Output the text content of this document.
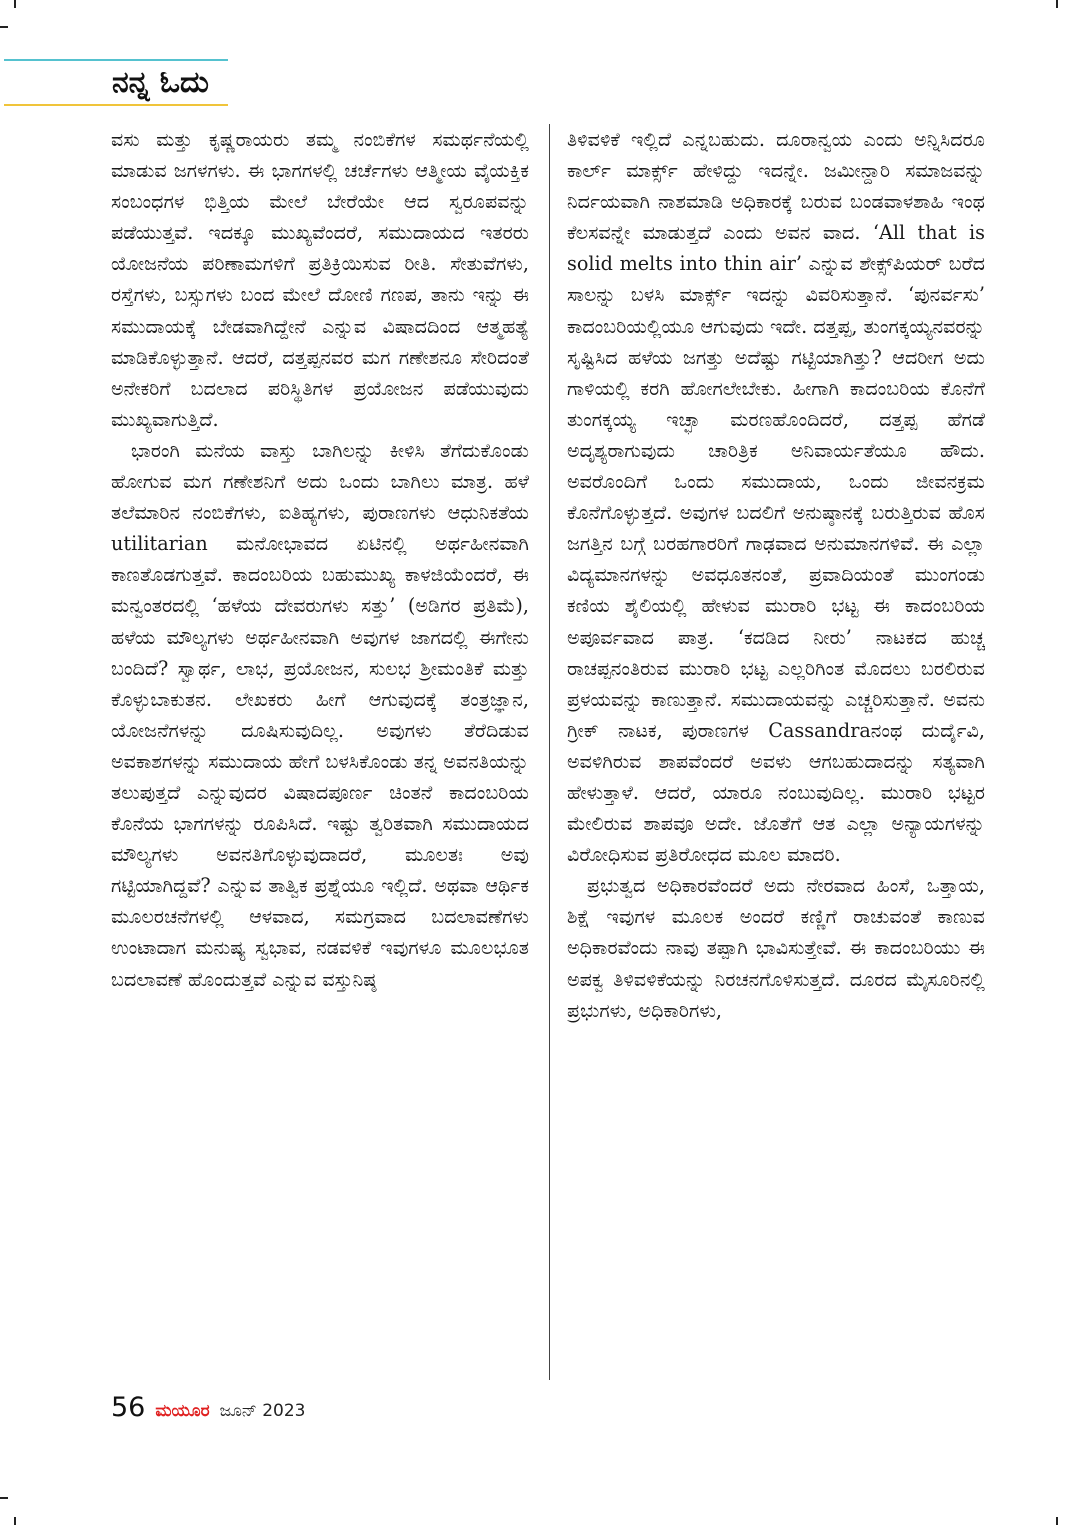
ನನ್ನ ಓದು

ವಸು ಮತ್ತು ಕೃಷ್ಣರಾಯರು ತಮ್ಮ ನಂಬಿಕೆಗಳ ಸಮರ್ಥನೆಯಲ್ಲಿ ಮಾಡುವ ಜಗಳಗಳು. ಈ ಭಾಗಗಳಲ್ಲಿ ಚರ್ಚೆಗಳು ಆತ್ಮೀಯ ವೈಯಕ್ತಿಕ ಸಂಬಂಧಗಳ ಭಿತ್ತಿಯ ಮೇಲೆ ಬೇರೆಯೇ ಆದ ಸ್ವರೂಪವನ್ನು ಪಡೆಯುತ್ತವೆ. ಇದಕ್ಕೂ ಮುಖ್ಯವೆಂದರೆ, ಸಮುದಾಯದ ಇತರರು ಯೋಜನೆಯ ಪರಿಣಾಮಗಳಿಗೆ ಪ್ರತಿಕ್ರಿಯಿಸುವ ರೀತಿ. ಸೇತುವೆಗಳು, ರಸ್ತೆಗಳು, ಬಸ್ಸುಗಳು ಬಂದ ಮೇಲೆ ದೋಣಿ ಗಣಪ, ತಾನು ಇನ್ನು ಈ ಸಮುದಾಯಕ್ಕೆ ಬೇಡವಾಗಿದ್ದೇನೆ ಎನ್ನುವ ವಿಷಾದದಿಂದ ಆತ್ಮಹತ್ಯೆ ಮಾಡಿಕೊಳ್ಳುತ್ತಾನೆ. ಆದರೆ, ದತ್ತಪ್ಪನವರ ಮಗ ಗಣೇಶನೂ ಸೇರಿದಂತೆ ಅನೇಕರಿಗೆ ಬದಲಾದ ಪರಿಸ್ಥಿತಿಗಳ ಪ್ರಯೋಜನ ಪಡೆಯುವುದು ಮುಖ್ಯವಾಗುತ್ತಿದೆ.

ಭಾರಂಗಿ ಮನೆಯ ವಾಸ್ತು ಬಾಗಿಲನ್ನು ಕೀಳಿಸಿ ತೆಗೆದುಕೊಂಡು ಹೋಗುವ ಮಗ ಗಣೇಶನಿಗೆ ಅದು ಒಂದು ಬಾಗಿಲು ಮಾತ್ರ. ಹಳೆ ತಲೆಮಾರಿನ ನಂಬಿಕೆಗಳು, ಐತಿಹ್ಯಗಳು, ಪುರಾಣಗಳು ಆಧುನಿಕತೆಯ utilitarian ಮನೋಭಾವದ ಏಟಿನಲ್ಲಿ ಅರ್ಥಹೀನವಾಗಿ ಕಾಣತೊಡಗುತ್ತವೆ. ಕಾದಂಬರಿಯ ಬಹುಮುಖ್ಯ ಕಾಳಜಿಯೆಂದರೆ, ಈ ಮನ್ವಂತರದಲ್ಲಿ ‘ಹಳೆಯ ದೇವರುಗಳು ಸತ್ತು’ (ಅಡಿಗರ ಪ್ರತಿಮೆ), ಹಳೆಯ ಮೌಲ್ಯಗಳು ಅರ್ಥಹೀನವಾಗಿ ಅವುಗಳ ಜಾಗದಲ್ಲಿ ಈಗೇನು ಬಂದಿದೆ? ಸ್ವಾರ್ಥ, ಲಾಭ, ಪ್ರಯೋಜನ, ಸುಲಭ ಶ್ರೀಮಂತಿಕೆ ಮತ್ತು ಕೊಳ್ಳುಬಾಕುತನ. ಲೇಖಕರು ಹೀಗೆ ಆಗುವುದಕ್ಕೆ ತಂತ್ರಜ್ಞಾನ, ಯೋಜನೆಗಳನ್ನು ದೂಷಿಸುವುದಿಲ್ಲ. ಅವುಗಳು ತೆರೆದಿಡುವ ಅವಕಾಶಗಳನ್ನು ಸಮುದಾಯ ಹೇಗೆ ಬಳಸಿಕೊಂಡು ತನ್ನ ಅವನತಿಯನ್ನು ತಲುಪುತ್ತದೆ ಎನ್ನುವುದರ ವಿಷಾದಪೂರ್ಣ ಚಿಂತನೆ ಕಾದಂಬರಿಯ ಕೊನೆಯ ಭಾಗಗಳನ್ನು ರೂಪಿಸಿದೆ. ಇಷ್ಟು ತ್ವರಿತವಾಗಿ ಸಮುದಾಯದ ಮೌಲ್ಯಗಳು ಅವನತಿಗೊಳ್ಳುವುದಾದರೆ, ಮೂಲತಃ ಅವು ಗಟ್ಟಿಯಾಗಿದ್ದವೆ? ಎನ್ನುವ ತಾತ್ವಿಕ ಪ್ರಶ್ನೆಯೂ ಇಲ್ಲಿದೆ. ಅಥವಾ ಆರ್ಥಿಕ ಮೂಲರಚನೆಗಳಲ್ಲಿ ಆಳವಾದ, ಸಮಗ್ರವಾದ ಬದಲಾವಣೆಗಳು ಉಂಟಾದಾಗ ಮನುಷ್ಯ ಸ್ವಭಾವ, ನಡವಳಿಕೆ ಇವುಗಳೂ ಮೂಲಭೂತ ಬದಲಾವಣೆ ಹೊಂದುತ್ತವೆ ಎನ್ನುವ ವಸ್ತುನಿಷ್ಠ

ತಿಳಿವಳಿಕೆ ಇಲ್ಲಿದೆ ಎನ್ನಬಹುದು. ದೂರಾನ್ವಯ ಎಂದು ಅನ್ನಿಸಿದರೂ ಕಾರ್ಲ್ ಮಾರ್ಕ್ಸ್ ಹೇಳಿದ್ದು ಇದನ್ನೇ. ಜಮೀನ್ದಾರಿ ಸಮಾಜವನ್ನು ನಿರ್ದಯವಾಗಿ ನಾಶಮಾಡಿ ಅಧಿಕಾರಕ್ಕೆ ಬರುವ ಬಂಡವಾಳಶಾಹಿ ಇಂಥ ಕೆಲಸವನ್ನೇ ಮಾಡುತ್ತದೆ ಎಂದು ಅವನ ವಾದ. ‘All that is solid melts into thin air’ ಎನ್ನುವ ಶೇಕ್ಸ್‌ಪಿಯರ್ ಬರೆದ ಸಾಲನ್ನು ಬಳಸಿ ಮಾರ್ಕ್ಸ್ ಇದನ್ನು ವಿವರಿಸುತ್ತಾನೆ. ‘ಪುನರ್ವಸು’ ಕಾದಂಬರಿಯಲ್ಲಿಯೂ ಆಗುವುದು ಇದೇ. ದತ್ತಪ್ಪ, ತುಂಗಕ್ಕಯ್ಯನವರನ್ನು ಸೃಷ್ಟಿಸಿದ ಹಳೆಯ ಜಗತ್ತು ಅದೆಷ್ಟು ಗಟ್ಟಿಯಾಗಿತ್ತು? ಆದರೀಗ ಅದು ಗಾಳಿಯಲ್ಲಿ ಕರಗಿ ಹೋಗಲೇಬೇಕು. ಹೀಗಾಗಿ ಕಾದಂಬರಿಯ ಕೊನೆಗೆ ತುಂಗಕ್ಕಯ್ಯ ಇಚ್ಛಾ ಮರಣಹೊಂದಿದರೆ, ದತ್ತಪ್ಪ ಹೆಗಡೆ ಅದೃಶ್ಯರಾಗುವುದು ಚಾರಿತ್ರಿಕ ಅನಿವಾರ್ಯತೆಯೂ ಹೌದು. ಅವರೊಂದಿಗೆ ಒಂದು ಸಮುದಾಯ, ಒಂದು ಜೀವನಕ್ರಮ ಕೊನೆಗೊಳ್ಳುತ್ತದೆ. ಅವುಗಳ ಬದಲಿಗೆ ಅನುಷ್ಠಾನಕ್ಕೆ ಬರುತ್ತಿರುವ ಹೊಸ ಜಗತ್ತಿನ ಬಗ್ಗೆ ಬರಹಗಾರರಿಗೆ ಗಾಢವಾದ ಅನುಮಾನಗಳಿವೆ. ಈ ಎಲ್ಲಾ ವಿದ್ಯಮಾನಗಳನ್ನು ಅವಧೂತನಂತೆ, ಪ್ರವಾದಿಯಂತೆ ಮುಂಗಂಡು ಕಣಿಯ ಶೈಲಿಯಲ್ಲಿ ಹೇಳುವ ಮುರಾರಿ ಭಟ್ಟ ಈ ಕಾದಂಬರಿಯ ಅಪೂರ್ವವಾದ ಪಾತ್ರ. ‘ಕದಡಿದ ನೀರು’ ನಾಟಕದ ಹುಚ್ಚ ರಾಚಪ್ಪನಂತಿರುವ ಮುರಾರಿ ಭಟ್ಟ ಎಲ್ಲರಿಗಿಂತ ಮೊದಲು ಬರಲಿರುವ ಪ್ರಳಯವನ್ನು ಕಾಣುತ್ತಾನೆ. ಸಮುದಾಯವನ್ನು ಎಚ್ಚರಿಸುತ್ತಾನೆ. ಅವನು ಗ್ರೀಕ್ ನಾಟಕ, ಪುರಾಣಗಳ Cassandraನಂಥ ದುರ್ದೈವಿ, ಅವಳಿಗಿರುವ ಶಾಪವೆಂದರೆ ಅವಳು ಆಗಬಹುದಾದನ್ನು ಸತ್ಯವಾಗಿ ಹೇಳುತ್ತಾಳೆ. ಆದರೆ, ಯಾರೂ ನಂಬುವುದಿಲ್ಲ. ಮುರಾರಿ ಭಟ್ಟರ ಮೇಲಿರುವ ಶಾಪವೂ ಅದೇ. ಜೊತೆಗೆ ಆತ ಎಲ್ಲಾ ಅನ್ಯಾಯಗಳನ್ನು ವಿರೋಧಿಸುವ ಪ್ರತಿರೋಧದ ಮೂಲ ಮಾದರಿ.

ಪ್ರಭುತ್ವದ ಅಧಿಕಾರವೆಂದರೆ ಅದು ನೇರವಾದ ಹಿಂಸೆ, ಒತ್ತಾಯ, ಶಿಕ್ಷೆ ಇವುಗಳ ಮೂಲಕ ಅಂದರೆ ಕಣ್ಣಿಗೆ ರಾಚುವಂತೆ ಕಾಣುವ ಅಧಿಕಾರವೆಂದು ನಾವು ತಪ್ಪಾಗಿ ಭಾವಿಸುತ್ತೇವೆ. ಈ ಕಾದಂಬರಿಯು ಈ ಅಪಕ್ವ ತಿಳಿವಳಿಕೆಯನ್ನು ನಿರಚನಗೊಳಿಸುತ್ತದೆ. ದೂರದ ಮೈಸೂರಿನಲ್ಲಿ ಪ್ರಭುಗಳು, ಅಧಿಕಾರಿಗಳು,

56 ಮಯೂರ ಜೂನ್ 2023
